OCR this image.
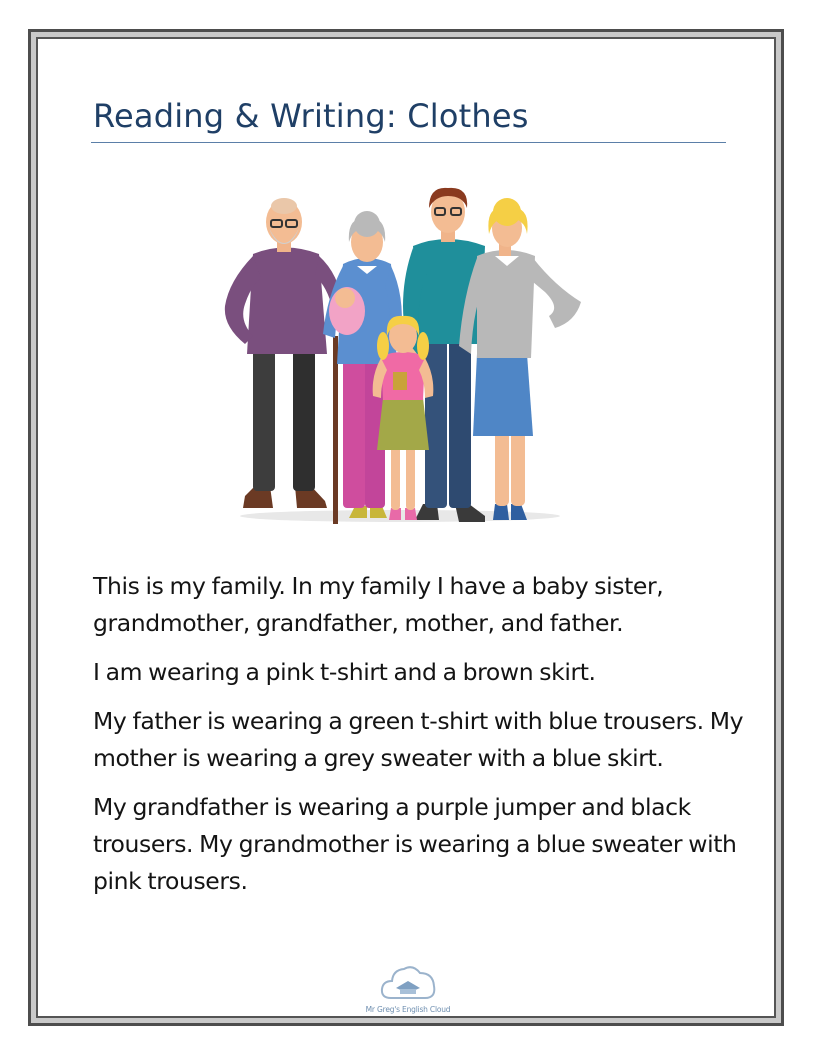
Reading & Writing: Clothes

This is my family. In my family I have a baby sister, grandmother, grandfather, mother, and father.

I am wearing a pink t-shirt and a brown skirt.

My father is wearing a green t-shirt with blue trousers. My mother is wearing a grey sweater with a blue skirt.

My grandfather is wearing a purple jumper and black trousers. My grandmother is wearing a blue sweater with pink trousers.

Mr Greg's English Cloud
